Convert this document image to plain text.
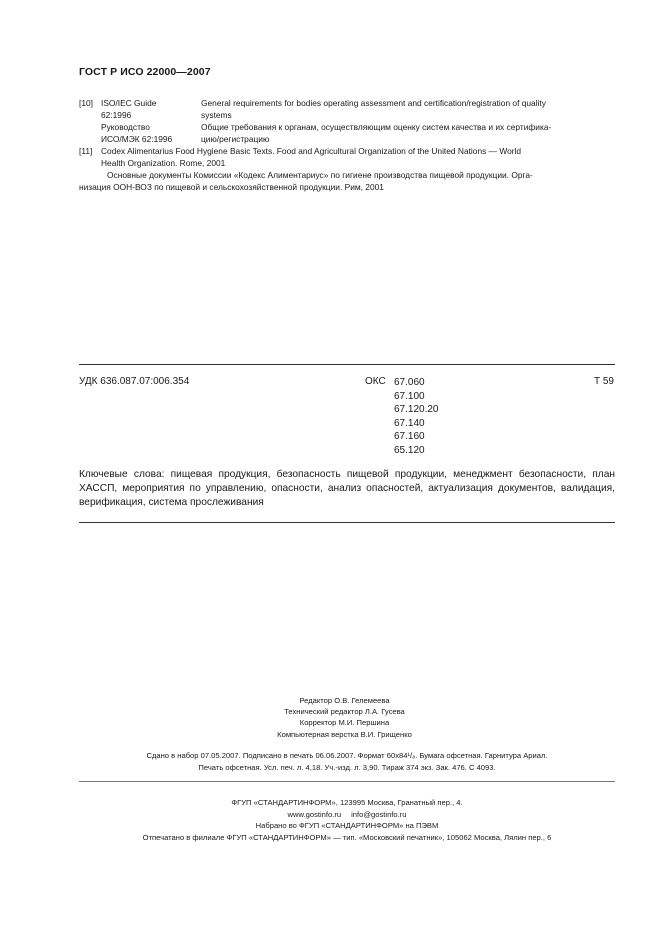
ГОСТ Р ИСО 22000—2007
[10] ISO/IEC Guide	General requirements for bodies operating assessment and certification/registration of quality
62:1996	systems
Руководство	Общие требования к органам, осуществляющим оценку систем качества и их сертифика-
ИСО/МЭК 62:1996	цию/регистрацию
[11]	Codex Alimentarius Food Hygiene Basic Texts. Food and Agricultural Organization of the United Nations — World
Health Organization. Rome, 2001
Основные документы Комиссии «Кодекс Алиментариус» по гигиене производства пищевой продукции. Орга-
низация ООН-ВОЗ по пищевой и сельскохозяйственной продукции. Рим, 2001
УДК 636.087.07:006.354	ОКС 67.060
67.100
67.120.20
67.140
67.160
65.120
Т 59
Ключевые слова: пищевая продукция, безопасность пищевой продукции, менеджмент безопасности, план ХАССП, мероприятия по управлению, опасности, анализ опасностей, актуализация документов, валидация, верификация, система прослеживания
Редактор О.В. Гелемеева
Технический редактор Л.А. Гусева
Корректор М.И. Першина
Компьютерная верстка В.И. Грищенко
Сдано в набор 07.05.2007. Подписано в печать 06.06.2007. Формат 60x84¹/₈. Бумага офсетная. Гарнитура Ариал.
Печать офсетная. Усл. печ. л. 4,18. Уч.-изд. л. 3,90. Тираж 374 экз. Зак. 476. С 4093.
ФГУП «СТАНДАРТИНФОРМ», 123995 Москва, Гранатный пер., 4.
www.gostinfo.ru info@gostinfo.ru
Набрано во ФГУП «СТАНДАРТИНФОРМ» на ПЭВМ
Отпечатано в филиале ФГУП «СТАНДАРТИНФОРМ» — тип. «Московский печатник», 105062 Москва, Лялин пер., 6
